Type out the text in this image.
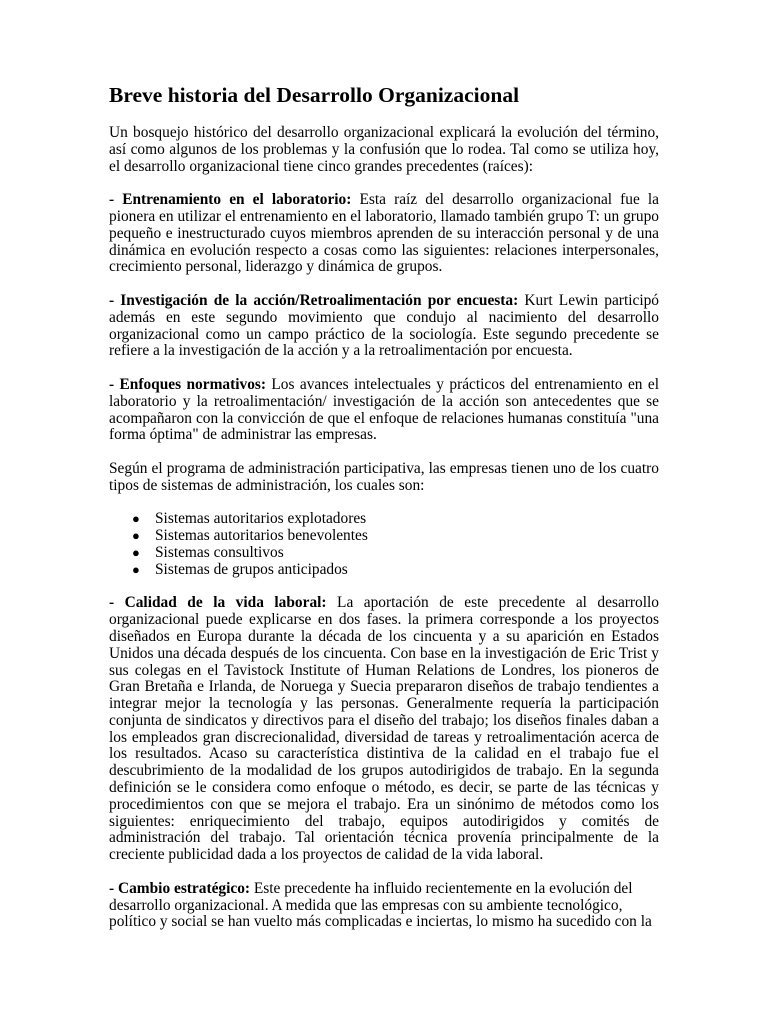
Breve historia del Desarrollo Organizacional

Un bosquejo histórico del desarrollo organizacional explicará la evolución del término, así como algunos de los problemas y la confusión que lo rodea. Tal como se utiliza hoy, el desarrollo organizacional tiene cinco grandes precedentes (raíces):

- Entrenamiento en el laboratorio: Esta raíz del desarrollo organizacional fue la pionera en utilizar el entrenamiento en el laboratorio, llamado también grupo T: un grupo pequeño e inestructurado cuyos miembros aprenden de su interacción personal y de una dinámica en evolución respecto a cosas como las siguientes: relaciones interpersonales, crecimiento personal, liderazgo y dinámica de grupos.

- Investigación de la acción/Retroalimentación por encuesta: Kurt Lewin participó además en este segundo movimiento que condujo al nacimiento del desarrollo organizacional como un campo práctico de la sociología. Este segundo precedente se refiere a la investigación de la acción y a la retroalimentación por encuesta.

- Enfoques normativos: Los avances intelectuales y prácticos del entrenamiento en el laboratorio y la retroalimentación/ investigación de la acción son antecedentes que se acompañaron con la convicción de que el enfoque de relaciones humanas constituía "una forma óptima" de administrar las empresas.

Según el programa de administración participativa, las empresas tienen uno de los cuatro tipos de sistemas de administración, los cuales son:

● Sistemas autoritarios explotadores
● Sistemas autoritarios benevolentes
● Sistemas consultivos
● Sistemas de grupos anticipados

- Calidad de la vida laboral: La aportación de este precedente al desarrollo organizacional puede explicarse en dos fases. la primera corresponde a los proyectos diseñados en Europa durante la década de los cincuenta y a su aparición en Estados Unidos una década después de los cincuenta. Con base en la investigación de Eric Trist y sus colegas en el Tavistock Institute of Human Relations de Londres, los pioneros de Gran Bretaña e Irlanda, de Noruega y Suecia prepararon diseños de trabajo tendientes a integrar mejor la tecnología y las personas. Generalmente requería la participación conjunta de sindicatos y directivos para el diseño del trabajo; los diseños finales daban a los empleados gran discrecionalidad, diversidad de tareas y retroalimentación acerca de los resultados. Acaso su característica distintiva de la calidad en el trabajo fue el descubrimiento de la modalidad de los grupos autodirigidos de trabajo. En la segunda definición se le considera como enfoque o método, es decir, se parte de las técnicas y procedimientos con que se mejora el trabajo. Era un sinónimo de métodos como los siguientes: enriquecimiento del trabajo, equipos autodirigidos y comités de administración del trabajo. Tal orientación técnica provenía principalmente de la creciente publicidad dada a los proyectos de calidad de la vida laboral.

- Cambio estratégico: Este precedente ha influido recientemente en la evolución del desarrollo organizacional. A medida que las empresas con su ambiente tecnológico, político y social se han vuelto más complicadas e inciertas, lo mismo ha sucedido con la
